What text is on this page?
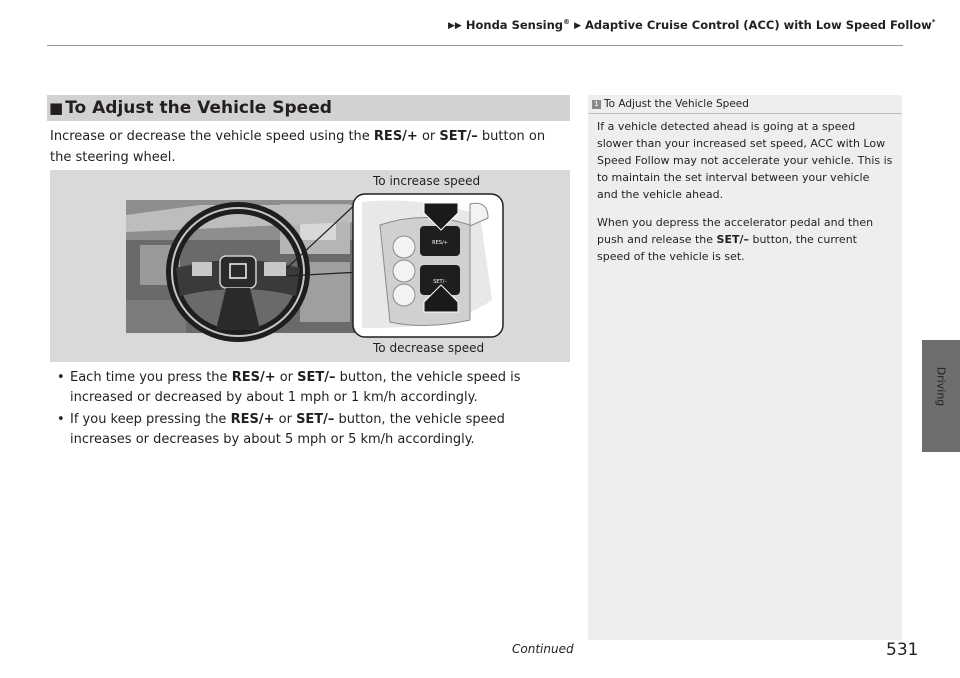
▶▶ Honda Sensing® ▶ Adaptive Cruise Control (ACC) with Low Speed Follow*
Driving
■ To Adjust the Vehicle Speed
Increase or decrease the vehicle speed using the RES/+ or SET/– button on the steering wheel.
RES/+
SET/–
To increase speed
To decrease speed
• Each time you press the RES/+ or SET/– button, the vehicle speed is increased or decreased by about 1 mph or 1 km/h accordingly.
• If you keep pressing the RES/+ or SET/– button, the vehicle speed increases or decreases by about 5 mph or 5 km/h accordingly.
1 To Adjust the Vehicle Speed

If a vehicle detected ahead is going at a speed slower than your increased set speed, ACC with Low Speed Follow may not accelerate your vehicle. This is to maintain the set interval between your vehicle and the vehicle ahead.

When you depress the accelerator pedal and then push and release the SET/– button, the current speed of the vehicle is set.

Continued	531
